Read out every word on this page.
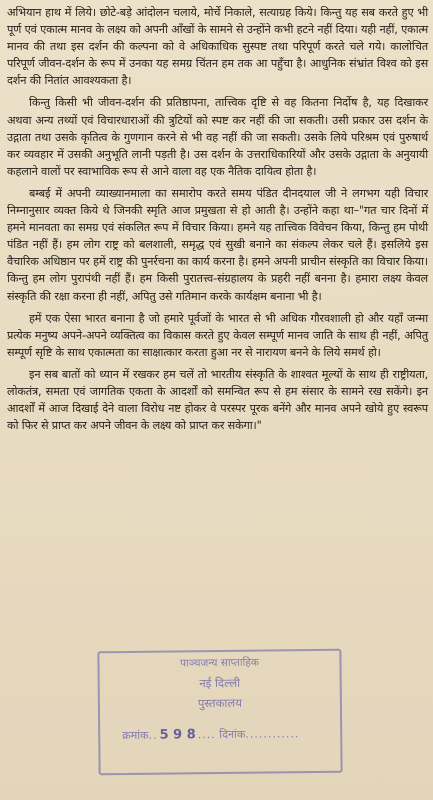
अभियान हाथ में लिये। छोटे-बड़े आंदोलन चलाये, मोर्चे निकाले, सत्याग्रह किये। किन्तु यह सब करते हुए भी पूर्ण एवं एकात्म मानव के लक्ष्य को अपनी आँखों के सामने से उन्होंने कभी हटने नहीं दिया। यही नहीं, एकात्म मानव की तथा इस दर्शन की कल्पना को वे अधिकाधिक सुस्पष्ट तथा परिपूर्ण करते चले गये। कालोचित परिपूर्ण जीवन-दर्शन के रूप में उनका यह समग्र चिंतन हम तक आ पहुँचा है। आधुनिक संभ्रांत विश्व को इस दर्शन की नितांत आवश्यकता है।

किन्तु किसी भी जीवन-दर्शन की प्रतिष्ठापना, तात्त्विक दृष्टि से वह कितना निर्दोष है, यह दिखाकर अथवा अन्य तथ्यों एवं विचारधाराओं की त्रुटियों को स्पष्ट कर नहीं की जा सकती। उसी प्रकार उस दर्शन के उद्गाता तथा उसके कृतित्व के गुणगान करने से भी वह नहीं की जा सकती। उसके लिये परिश्रम एवं पुरुषार्थ कर व्यवहार में उसकी अनुभूति लानी पड़ती है। उस दर्शन के उत्तराधिकारियों और उसके उद्गाता के अनुयायी कहलाने वालों पर स्वाभाविक रूप से आने वाला वह एक नैतिक दायित्व होता है।

बम्बई में अपनी व्याख्यानमाला का समारोप करते समय पंडित दीनदयाल जी ने लगभग यही विचार निम्नानुसार व्यक्त किये थे जिनकी स्मृति आज प्रमुखता से हो आती है। उन्होंने कहा था–"गत चार दिनों में हमने मानवता का समग्र एवं संकलित रूप में विचार किया। हमने यह तात्त्विक विवेचन किया, किन्तु हम पोथी पंडित नहीं हैं। हम लोग राष्ट्र को बलशाली, समृद्ध एवं सुखी बनाने का संकल्प लेकर चले हैं। इसलिये इस वैचारिक अधिष्ठान पर हमें राष्ट्र की पुनर्रचना का कार्य करना है। हमने अपनी प्राचीन संस्कृति का विचार किया। किन्तु हम लोग पुरापंथी नहीं हैं। हम किसी पुरातत्त्व-संग्रहालय के प्रहरी नहीं बनना है। हमारा लक्ष्य केवल संस्कृति की रक्षा करना ही नहीं, अपितु उसे गतिमान करके कार्यक्षम बनाना भी है।

हमें एक ऐसा भारत बनाना है जो हमारे पूर्वजों के भारत से भी अधिक गौरवशाली हो और यहाँ जन्मा प्रत्येक मनुष्य अपने-अपने व्यक्तित्व का विकास करते हुए केवल सम्पूर्ण मानव जाति के साथ ही नहीं, अपितु सम्पूर्ण सृष्टि के साथ एकात्मता का साक्षात्कार करता हुआ नर से नारायण बनने के लिये समर्थ हो।

इन सब बातों को ध्यान में रखकर हम चलें तो भारतीय संस्कृति के शाश्वत मूल्यों के साथ ही राष्ट्रीयता, लोकतंत्र, समता एवं जागतिक एकता के आदर्शों को समन्वित रूप से हम संसार के सामने रख सकेंगे। इन आदर्शों में आज दिखाई देने वाला विरोध नष्ट होकर वे परस्पर पूरक बनेंगे और मानव अपने खोये हुए स्वरूप को फिर से प्राप्त कर अपने जीवन के लक्ष्य को प्राप्त कर सकेगा।"

पाञ्चजन्य साप्ताहिक
नई दिल्ली
पुस्तकालय
क्रमांक.. 5 9 8 .... दिनांक............
